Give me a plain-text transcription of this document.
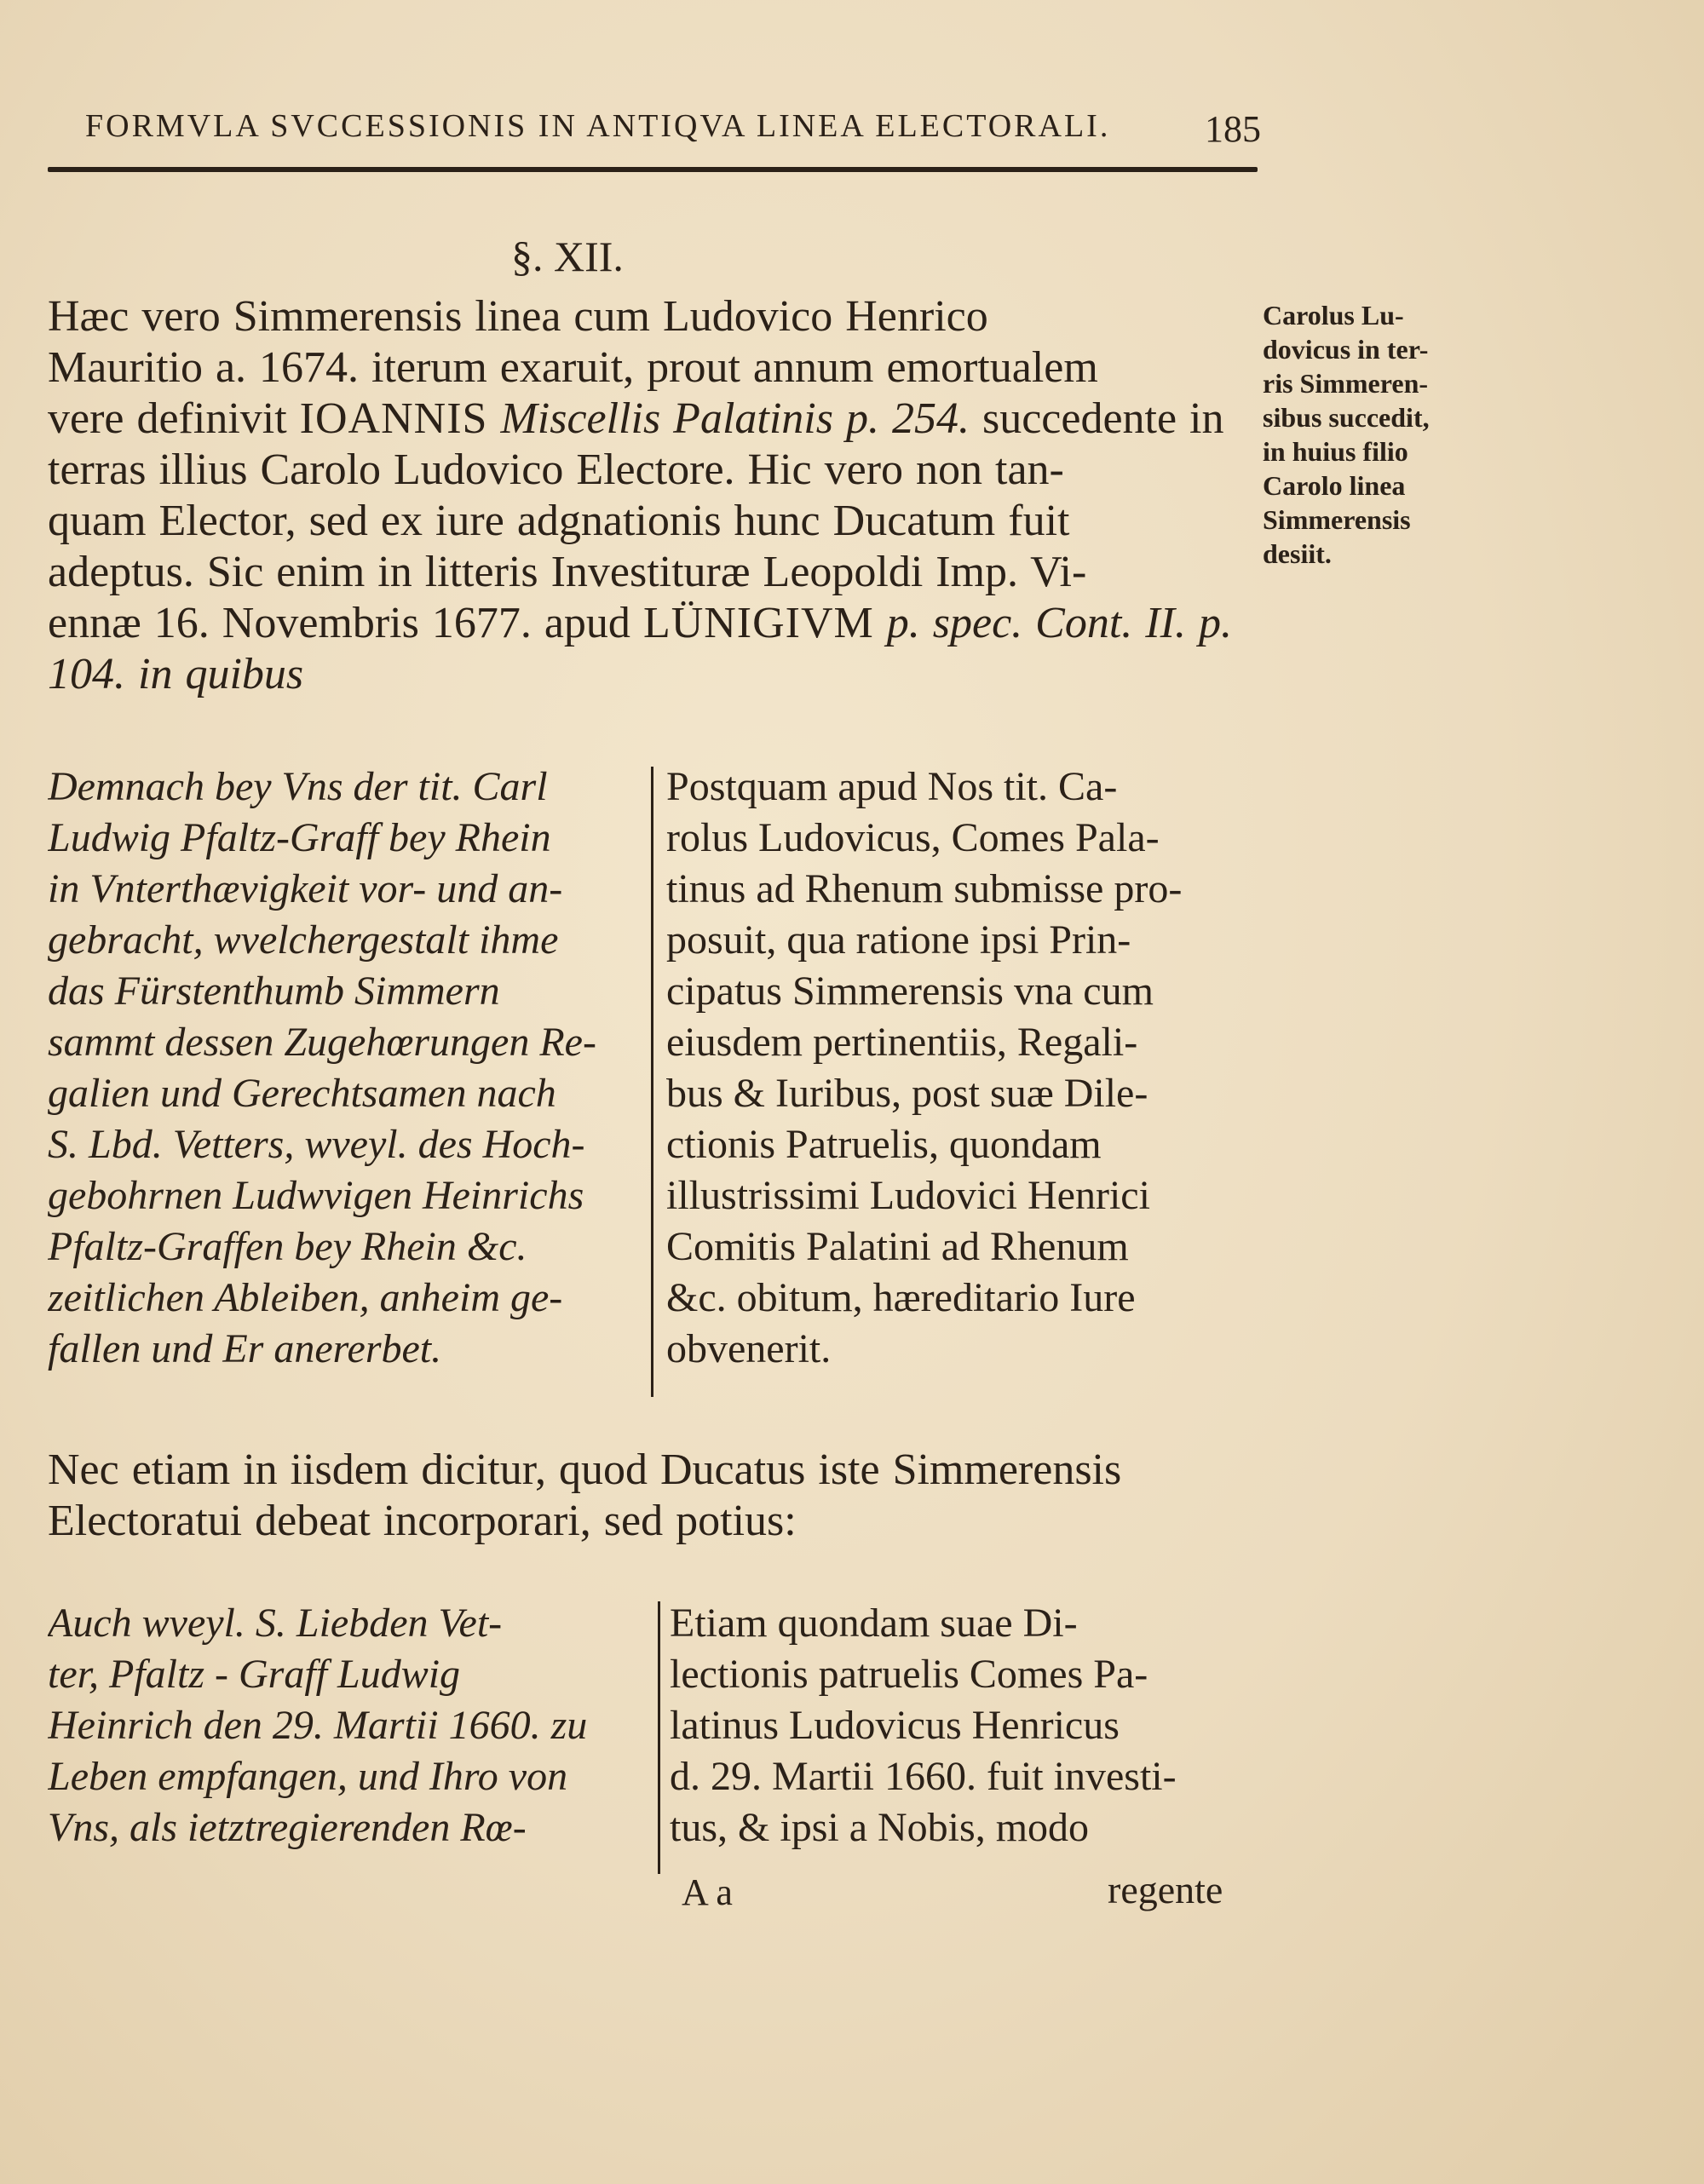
FORMVLA SVCCESSIONIS IN ANTIQVA LINEA ELECTORALI.	185
§. XII.
Hæc vero Simmerensis linea cum Ludovico Henrico
Mauritio a. 1674. iterum exaruit, prout annum emortualem
vere definivit IOANNIS Miscellis Palatinis p. 254. succedente in
terras illius Carolo Ludovico Electore. Hic vero non tan-
quam Elector, sed ex iure adgnationis hunc Ducatum fuit
adeptus. Sic enim in litteris Investituræ Leopoldi Imp. Vi-
ennæ 16. Novembris 1677. apud LÜNIGIVM p. spec. Cont. II. p.
104. in quibus
Carolus Lu-
dovicus in ter-
ris Simmeren-
sibus succedit,
in huius filio
Carolo linea
Simmerensis
desiit.
Demnach bey Vns der tit. Carl
Ludwig Pfaltz-Graff bey Rhein
in Vnterthævigkeit vor- und an-
gebracht, wvelchergestalt ihme
das Fürstenthumb Simmern
sammt dessen Zugehœrungen Re-
galien und Gerechtsamen nach
S. Lbd. Vetters, wveyl. des Hoch-
gebohrnen Ludwvigen Heinrichs
Pfaltz-Graffen bey Rhein &c.
zeitlichen Ableiben, anheim ge-
fallen und Er anererbet.
Postquam apud Nos tit. Ca-
rolus Ludovicus, Comes Pala-
tinus ad Rhenum submisse pro-
posuit, qua ratione ipsi Prin-
cipatus Simmerensis vna cum
eiusdem pertinentiis, Regali-
bus & Iuribus, post suæ Dile-
ctionis Patruelis, quondam
illustrissimi Ludovici Henrici
Comitis Palatini ad Rhenum
&c. obitum, hæreditario Iure
obvenerit.
Nec etiam in iisdem dicitur, quod Ducatus iste Simmerensis
Electoratui debeat incorporari, sed potius:
Auch wveyl. S. Liebden Vet-
ter, Pfaltz - Graff Ludwig
Heinrich den 29. Martii 1660. zu
Leben empfangen, und Ihro von
Vns, als ietztregierenden Rœ-
Etiam quondam suae Di-
lectionis patruelis Comes Pa-
latinus Ludovicus Henricus
d. 29. Martii 1660. fuit investi-
tus, & ipsi a Nobis, modo
A a	regente
